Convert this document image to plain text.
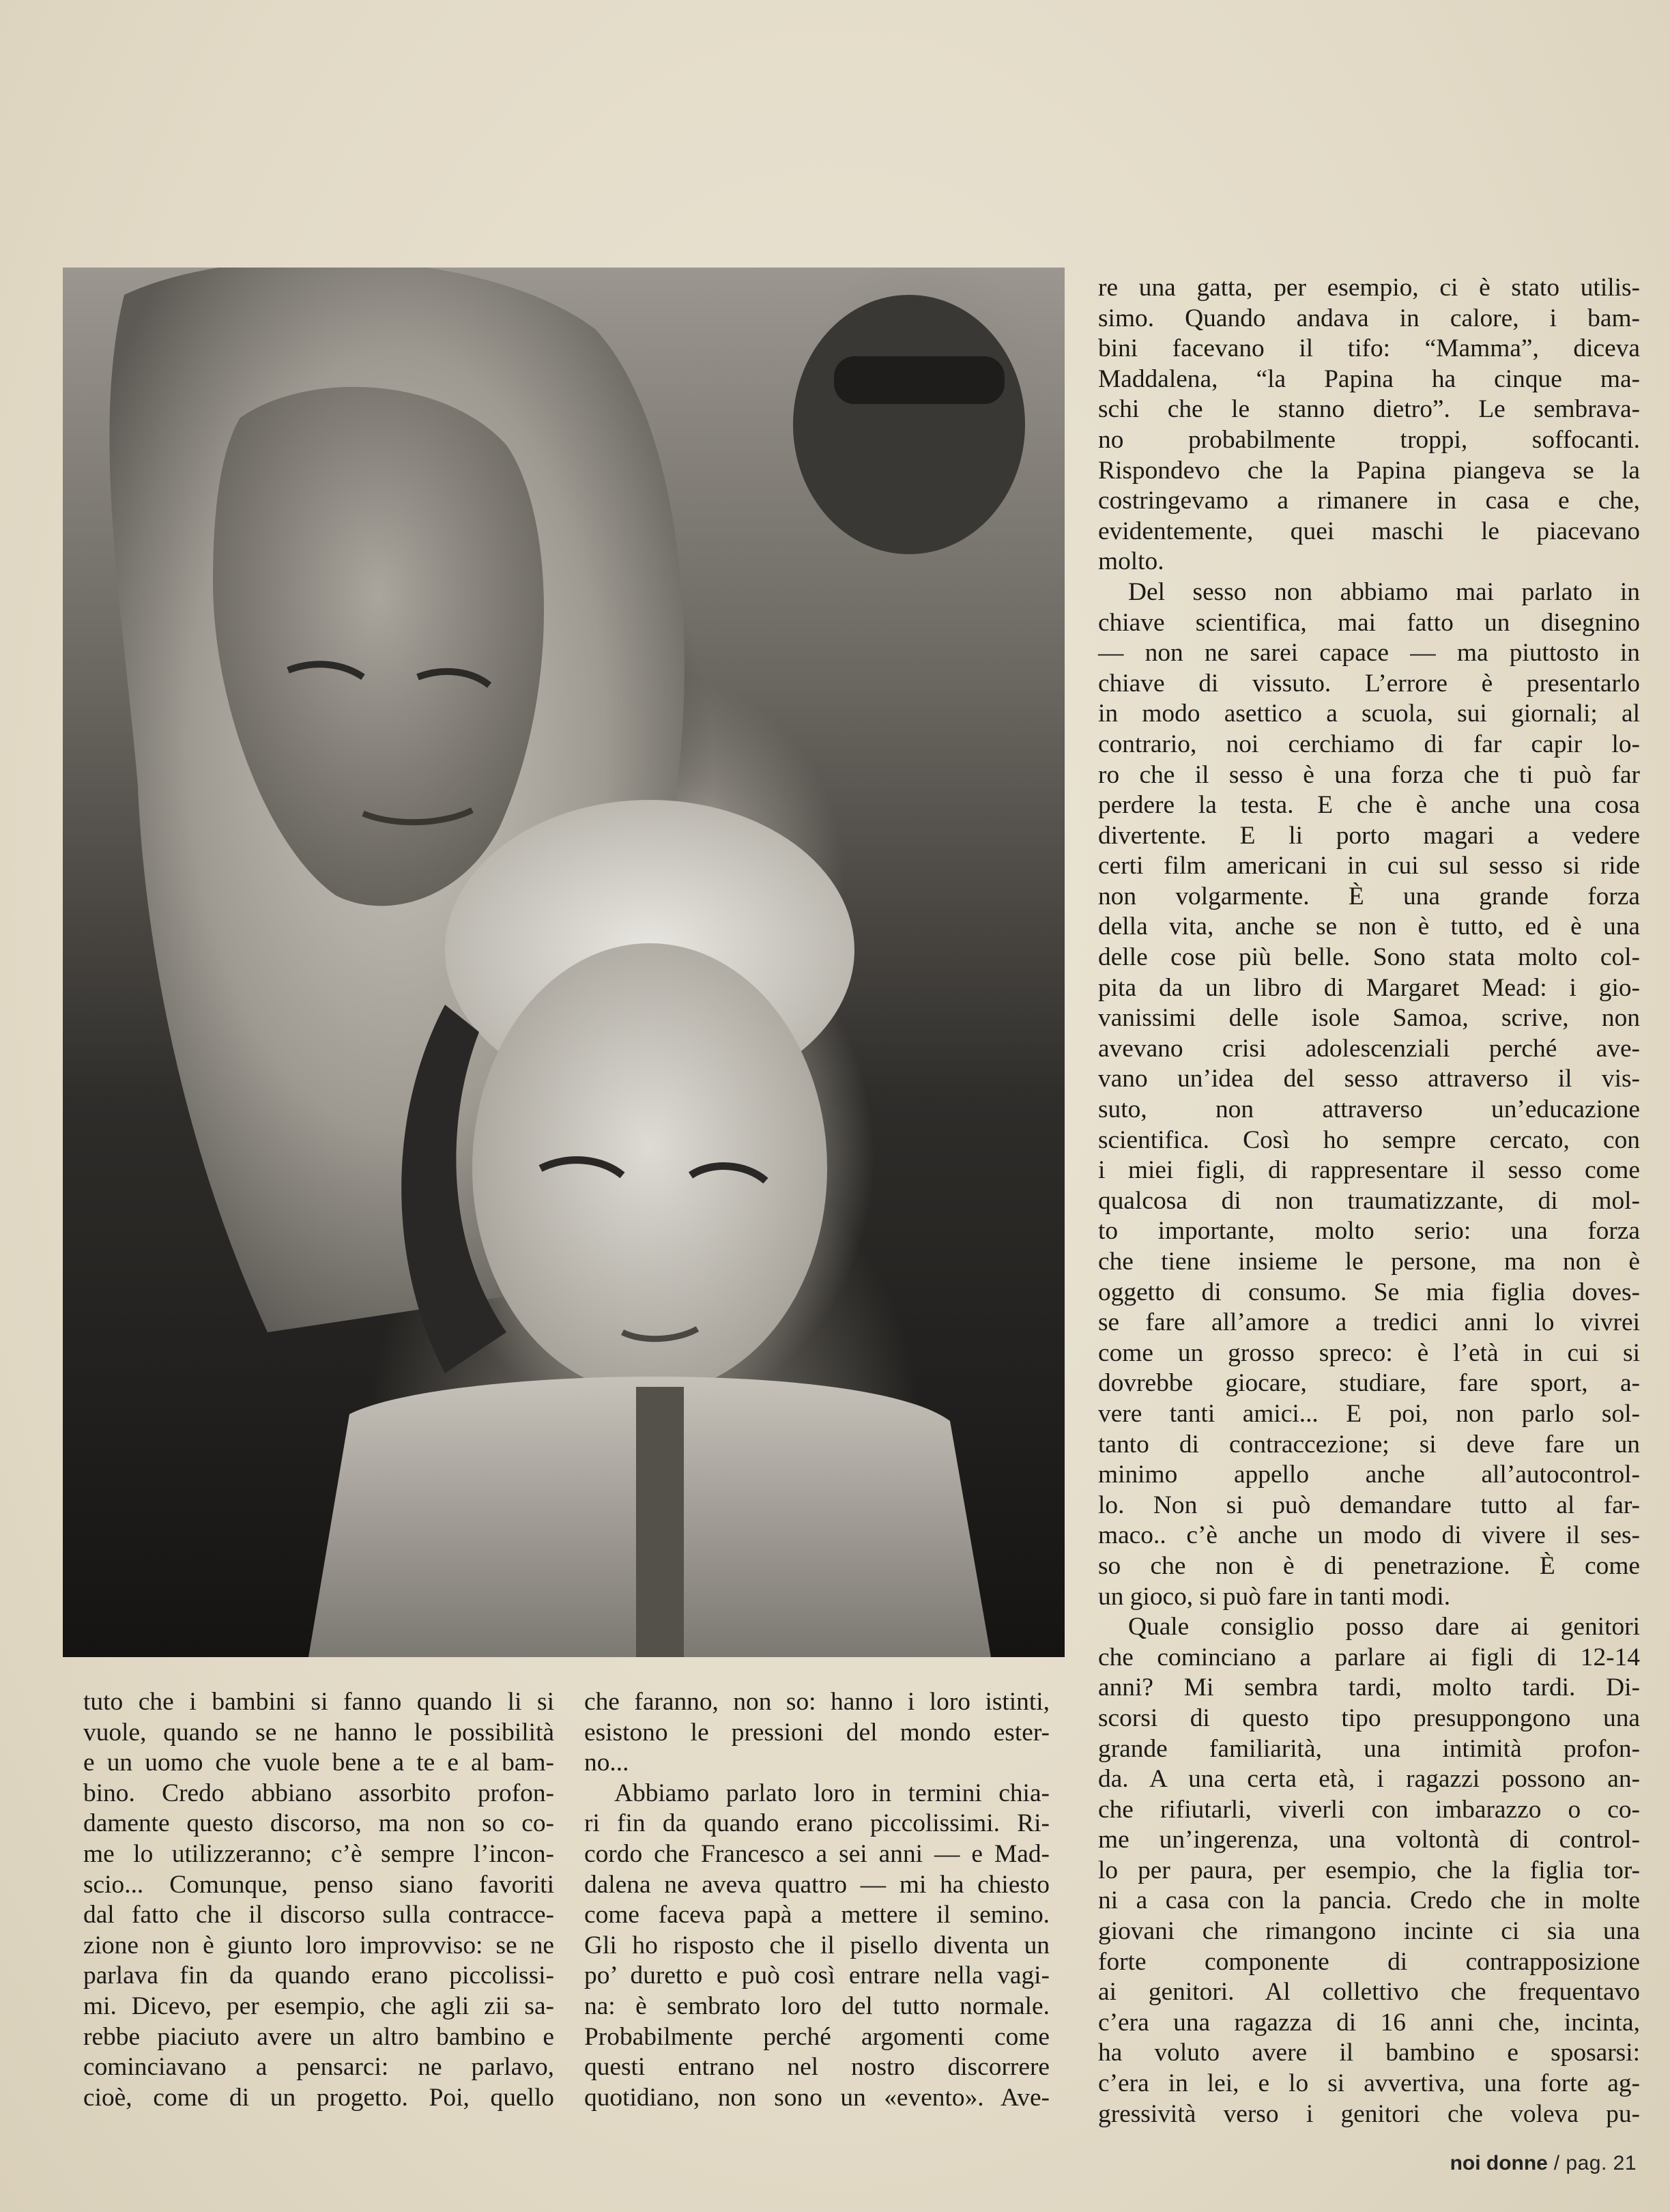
re una gatta, per esempio, ci è stato utilis-
simo. Quando andava in calore, i bam-
bini facevano il tifo: “Mamma”, diceva
Maddalena, “la Papina ha cinque ma-
schi che le stanno dietro”. Le sembrava-
no probabilmente troppi, soffocanti.
Rispondevo che la Papina piangeva se la
costringevamo a rimanere in casa e che,
evidentemente, quei maschi le piacevano
molto.

Del sesso non abbiamo mai parlato in
chiave scientifica, mai fatto un disegnino
— non ne sarei capace — ma piuttosto in
chiave di vissuto. L’errore è presentarlo
in modo asettico a scuola, sui giornali; al
contrario, noi cerchiamo di far capir lo-
ro che il sesso è una forza che ti può far
perdere la testa. E che è anche una cosa
divertente. E li porto magari a vedere
certi film americani in cui sul sesso si ride
non volgarmente. È una grande forza
della vita, anche se non è tutto, ed è una
delle cose più belle. Sono stata molto col-
pita da un libro di Margaret Mead: i gio-
vanissimi delle isole Samoa, scrive, non
avevano crisi adolescenziali perché ave-
vano un’idea del sesso attraverso il vis-
suto, non attraverso un’educazione
scientifica. Così ho sempre cercato, con
i miei figli, di rappresentare il sesso come
qualcosa di non traumatizzante, di mol-
to importante, molto serio: una forza
che tiene insieme le persone, ma non è
oggetto di consumo. Se mia figlia doves-
se fare all’amore a tredici anni lo vivrei
come un grosso spreco: è l’età in cui si
dovrebbe giocare, studiare, fare sport, a-
vere tanti amici... E poi, non parlo sol-
tanto di contraccezione; si deve fare un
minimo appello anche all’autocontrol-
lo. Non si può demandare tutto al far-
maco.. c’è anche un modo di vivere il ses-
so che non è di penetrazione. È come
un gioco, si può fare in tanti modi.

Quale consiglio posso dare ai genitori
che cominciano a parlare ai figli di 12-14
anni? Mi sembra tardi, molto tardi. Di-
scorsi di questo tipo presuppongono una
grande familiarità, una intimità profon-
da. A una certa età, i ragazzi possono an-
che rifiutarli, viverli con imbarazzo o co-
me un’ingerenza, una voltontà di control-
lo per paura, per esempio, che la figlia tor-
ni a casa con la pancia. Credo che in molte
giovani che rimangono incinte ci sia una
forte componente di contrapposizione
ai genitori. Al collettivo che frequentavo
c’era una ragazza di 16 anni che, incinta,
ha voluto avere il bambino e sposarsi:
c’era in lei, e lo si avvertiva, una forte ag-
gressività verso i genitori che voleva pu-

tuto che i bambini si fanno quando li si
vuole, quando se ne hanno le possibilità
e un uomo che vuole bene a te e al bam-
bino. Credo abbiano assorbito profon-
damente questo discorso, ma non so co-
me lo utilizzeranno; c’è sempre l’incon-
scio... Comunque, penso siano favoriti
dal fatto che il discorso sulla contracce-
zione non è giunto loro improvviso: se ne
parlava fin da quando erano piccolissi-
mi. Dicevo, per esempio, che agli zii sa-
rebbe piaciuto avere un altro bambino e
cominciavano a pensarci: ne parlavo,
cioè, come di un progetto. Poi, quello

che faranno, non so: hanno i loro istinti,
esistono le pressioni del mondo ester-
no...

Abbiamo parlato loro in termini chia-
ri fin da quando erano piccolissimi. Ri-
cordo che Francesco a sei anni — e Mad-
dalena ne aveva quattro — mi ha chiesto
come faceva papà a mettere il semino.
Gli ho risposto che il pisello diventa un
po’ duretto e può così entrare nella vagi-
na: è sembrato loro del tutto normale.
Probabilmente perché argomenti come
questi entrano nel nostro discorrere
quotidiano, non sono un «evento». Ave-

noi donne / pag. 21
